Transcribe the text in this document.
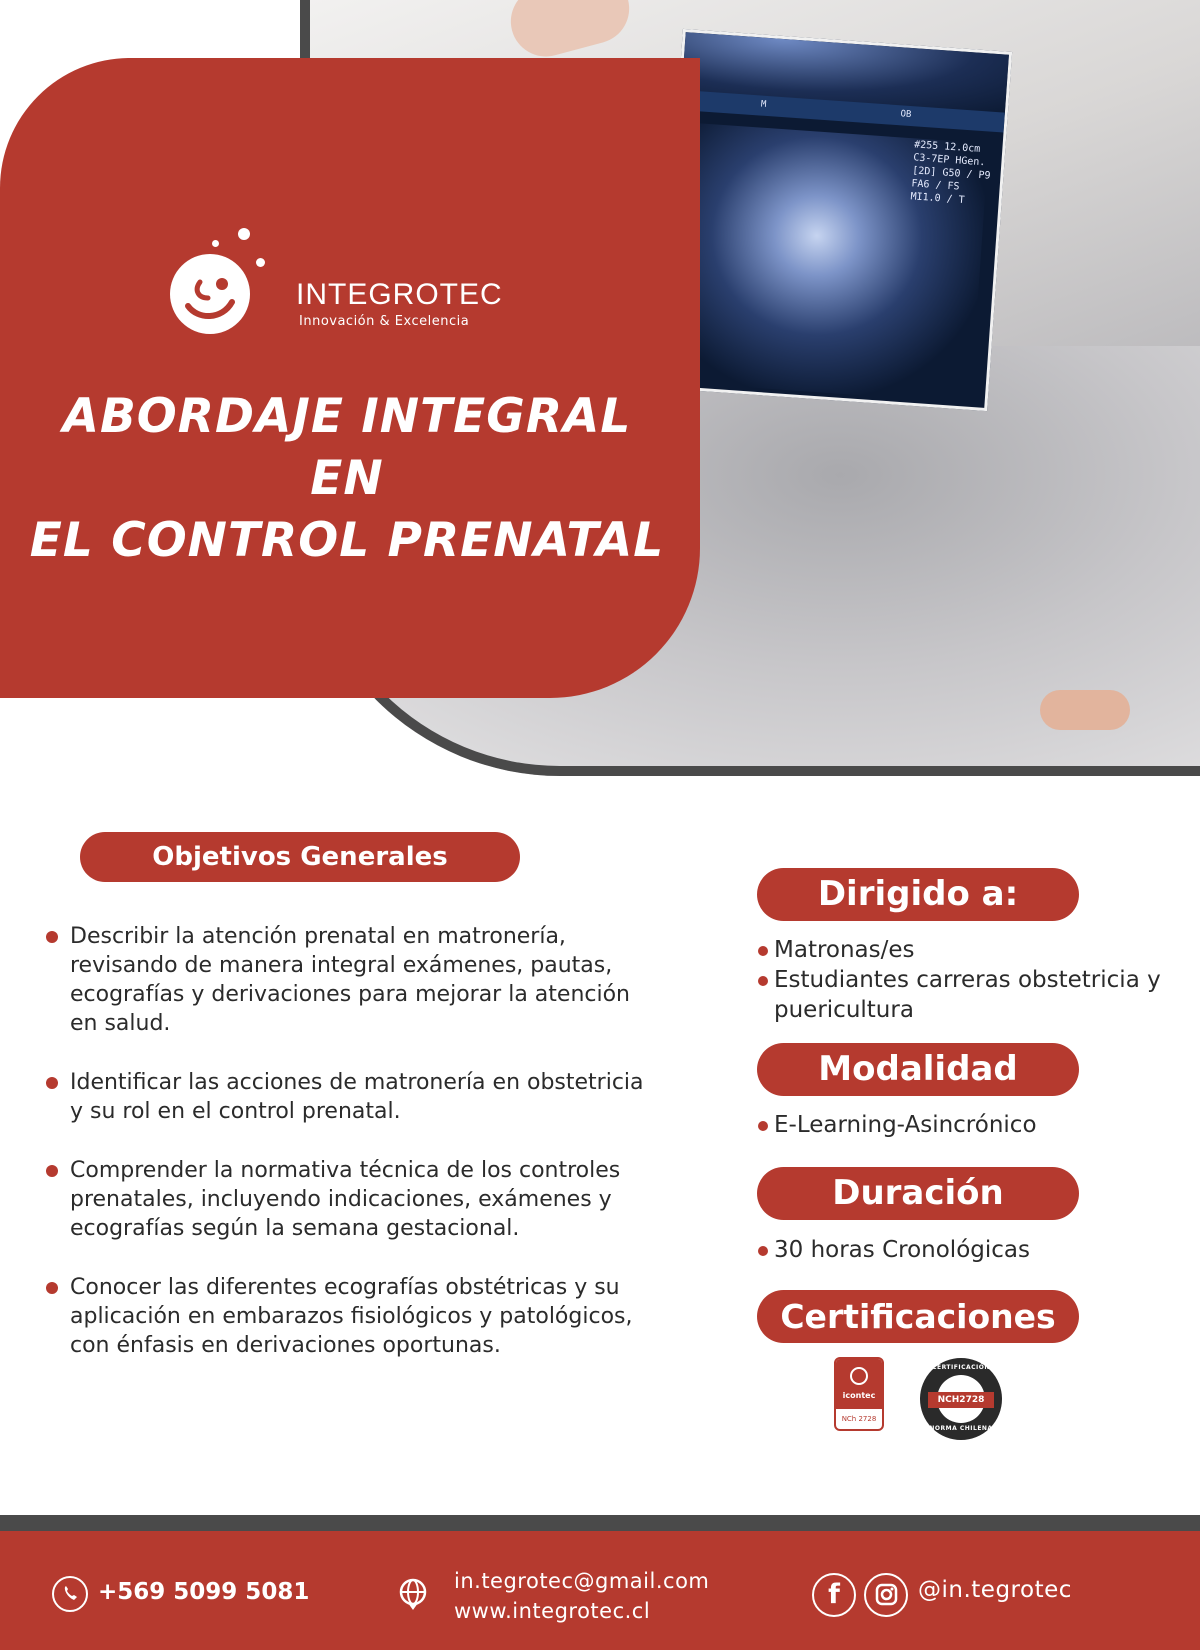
#255 12.0cm
C3-7EP HGen.
[2D] G50 / P9
FA6 / FS
MI1.0 / T
OB
M
INTEGROTEC
Innovación & Excelencia
ABORDAJE INTEGRAL EN
EL CONTROL PRENATAL
Objetivos Generales
Describir la atención prenatal en matronería, revisando de manera integral exámenes, pautas, ecografías y derivaciones para mejorar la atención en salud.
Identificar las acciones de matronería en obstetricia y su rol en el control prenatal.
Comprender la normativa técnica de los controles prenatales, incluyendo indicaciones, exámenes y ecografías según la semana gestacional.
Conocer las diferentes ecografías obstétricas y su aplicación en embarazos fisiológicos y patológicos, con énfasis en derivaciones oportunas.
Dirigido a:
Matronas/es
Estudiantes carreras obstetricia y puericultura
Modalidad
E-Learning-Asincrónico
Duración
30 horas Cronológicas
Certificaciones
icontec
NCh 2728
CERTIFICACIÓN
NCH2728
NORMA CHILENA
+569 5099 5081	in.tegrotec@gmail.com
www.integrotec.cl
f	@in.tegrotec
